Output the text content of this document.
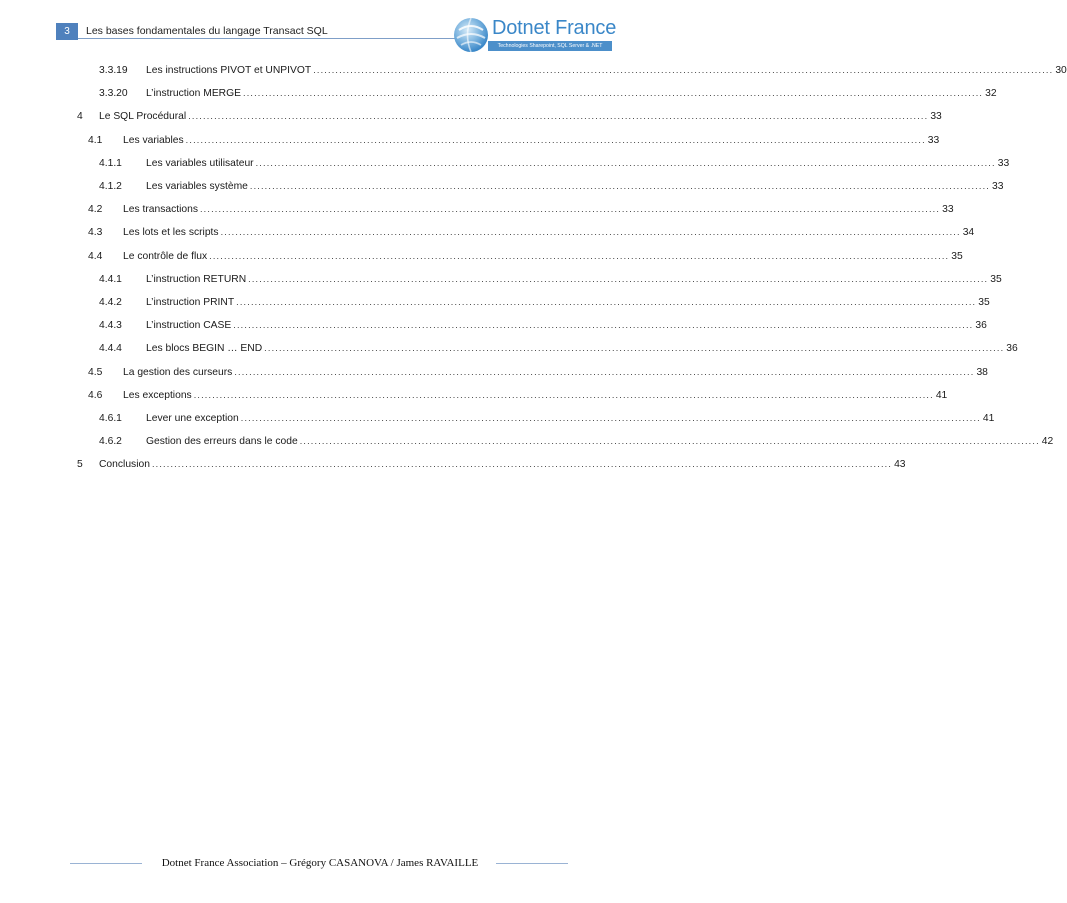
3	Les bases fondamentales du langage Transact SQL	Dotnet France
Technologies Sharepoint, SQL Server & .NET
3.3.19	Les instructions PIVOT et UNPIVOT ........................................................................................................................................................................................................ 30
3.3.20	L’instruction MERGE ........................................................................................................................................................................................................ 32
4	Le SQL Procédural ........................................................................................................................................................................................................ 33
4.1	Les variables ........................................................................................................................................................................................................ 33
4.1.1	Les variables utilisateur ........................................................................................................................................................................................................ 33
4.1.2	Les variables système ........................................................................................................................................................................................................ 33
4.2	Les transactions ........................................................................................................................................................................................................ 33
4.3	Les lots et les scripts ........................................................................................................................................................................................................ 34
4.4	Le contrôle de flux ........................................................................................................................................................................................................ 35
4.4.1	L’instruction RETURN ........................................................................................................................................................................................................ 35
4.4.2	L’instruction PRINT ........................................................................................................................................................................................................ 35
4.4.3	L’instruction CASE ........................................................................................................................................................................................................ 36
4.4.4	Les blocs BEGIN … END ........................................................................................................................................................................................................ 36
4.5	La gestion des curseurs ........................................................................................................................................................................................................ 38
4.6	Les exceptions ........................................................................................................................................................................................................ 41
4.6.1	Lever une exception ........................................................................................................................................................................................................ 41
4.6.2	Gestion des erreurs dans le code ........................................................................................................................................................................................................ 42
5	Conclusion ........................................................................................................................................................................................................ 43
Dotnet France Association – Grégory CASANOVA / James RAVAILLE
